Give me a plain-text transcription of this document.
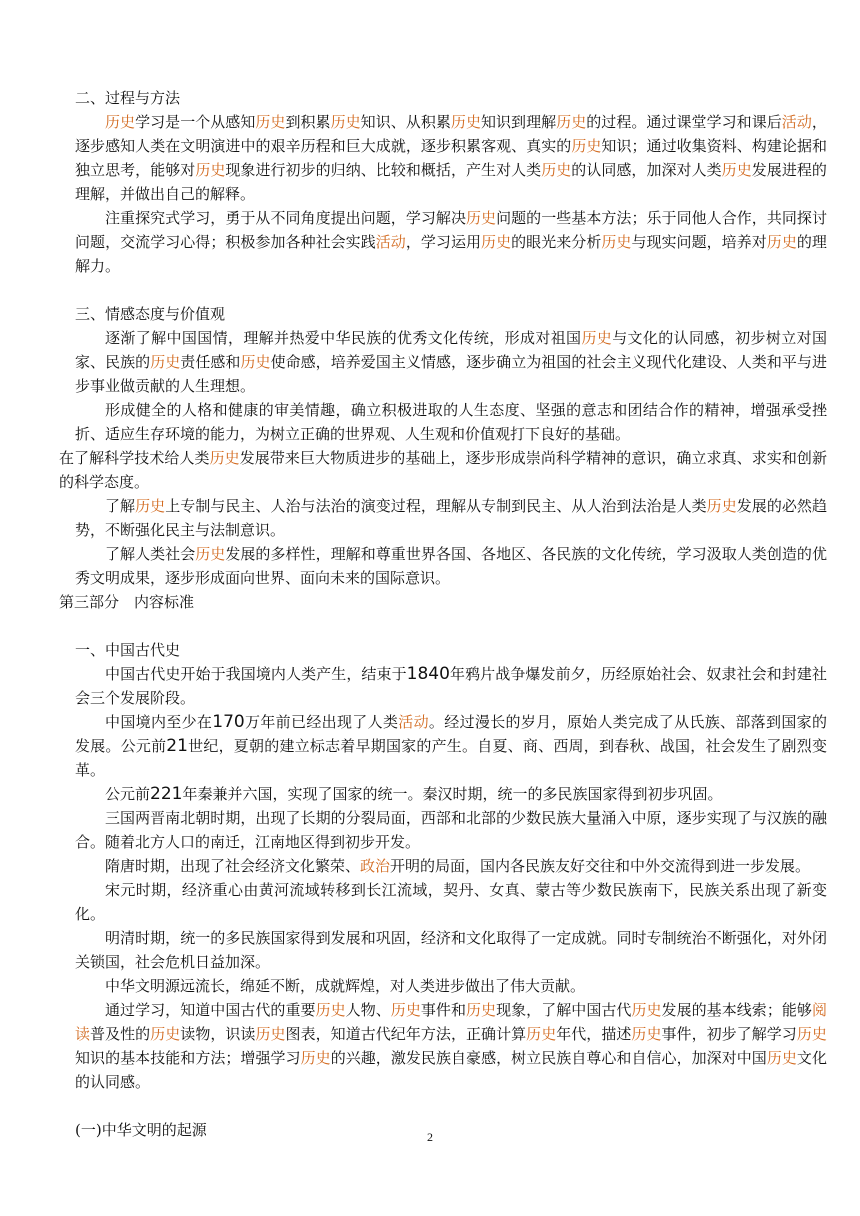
二、过程与方法

历史学习是一个从感知历史到积累历史知识、从积累历史知识到理解历史的过程。通过课堂学习和课后活动，逐步感知人类在文明演进中的艰辛历程和巨大成就，逐步积累客观、真实的历史知识；通过收集资料、构建论据和独立思考，能够对历史现象进行初步的归纳、比较和概括，产生对人类历史的认同感，加深对人类历史发展进程的理解，并做出自己的解释。

注重探究式学习，勇于从不同角度提出问题，学习解决历史问题的一些基本方法；乐于同他人合作，共同探讨问题，交流学习心得；积极参加各种社会实践活动，学习运用历史的眼光来分析历史与现实问题，培养对历史的理解力。

三、情感态度与价值观

逐渐了解中国国情，理解并热爱中华民族的优秀文化传统，形成对祖国历史与文化的认同感，初步树立对国家、民族的历史责任感和历史使命感，培养爱国主义情感，逐步确立为祖国的社会主义现代化建设、人类和平与进步事业做贡献的人生理想。

形成健全的人格和健康的审美情趣，确立积极进取的人生态度、坚强的意志和团结合作的精神，增强承受挫折、适应生存环境的能力，为树立正确的世界观、人生观和价值观打下良好的基础。

在了解科学技术给人类历史发展带来巨大物质进步的基础上，逐步形成崇尚科学精神的意识，确立求真、求实和创新的科学态度。

了解历史上专制与民主、人治与法治的演变过程，理解从专制到民主、从人治到法治是人类历史发展的必然趋势，不断强化民主与法制意识。

了解人类社会历史发展的多样性，理解和尊重世界各国、各地区、各民族的文化传统，学习汲取人类创造的优秀文明成果，逐步形成面向世界、面向未来的国际意识。

第三部分　内容标准

一、中国古代史

中国古代史开始于我国境内人类产生，结束于1840年鸦片战争爆发前夕，历经原始社会、奴隶社会和封建社会三个发展阶段。

中国境内至少在170万年前已经出现了人类活动。经过漫长的岁月，原始人类完成了从氏族、部落到国家的发展。公元前21世纪，夏朝的建立标志着早期国家的产生。自夏、商、西周，到春秋、战国，社会发生了剧烈变革。

公元前221年秦兼并六国，实现了国家的统一。秦汉时期，统一的多民族国家得到初步巩固。

三国两晋南北朝时期，出现了长期的分裂局面，西部和北部的少数民族大量涌入中原，逐步实现了与汉族的融合。随着北方人口的南迁，江南地区得到初步开发。

隋唐时期，出现了社会经济文化繁荣、政治开明的局面，国内各民族友好交往和中外交流得到进一步发展。

宋元时期，经济重心由黄河流域转移到长江流域，契丹、女真、蒙古等少数民族南下，民族关系出现了新变化。

明清时期，统一的多民族国家得到发展和巩固，经济和文化取得了一定成就。同时专制统治不断强化，对外闭关锁国，社会危机日益加深。

中华文明源远流长，绵延不断，成就辉煌，对人类进步做出了伟大贡献。

通过学习，知道中国古代的重要历史人物、历史事件和历史现象，了解中国古代历史发展的基本线索；能够阅读普及性的历史读物，识读历史图表，知道古代纪年方法，正确计算历史年代，描述历史事件，初步了解学习历史知识的基本技能和方法；增强学习历史的兴趣，激发民族自豪感，树立民族自尊心和自信心，加深对中国历史文化的认同感。

(一)中华文明的起源	2
